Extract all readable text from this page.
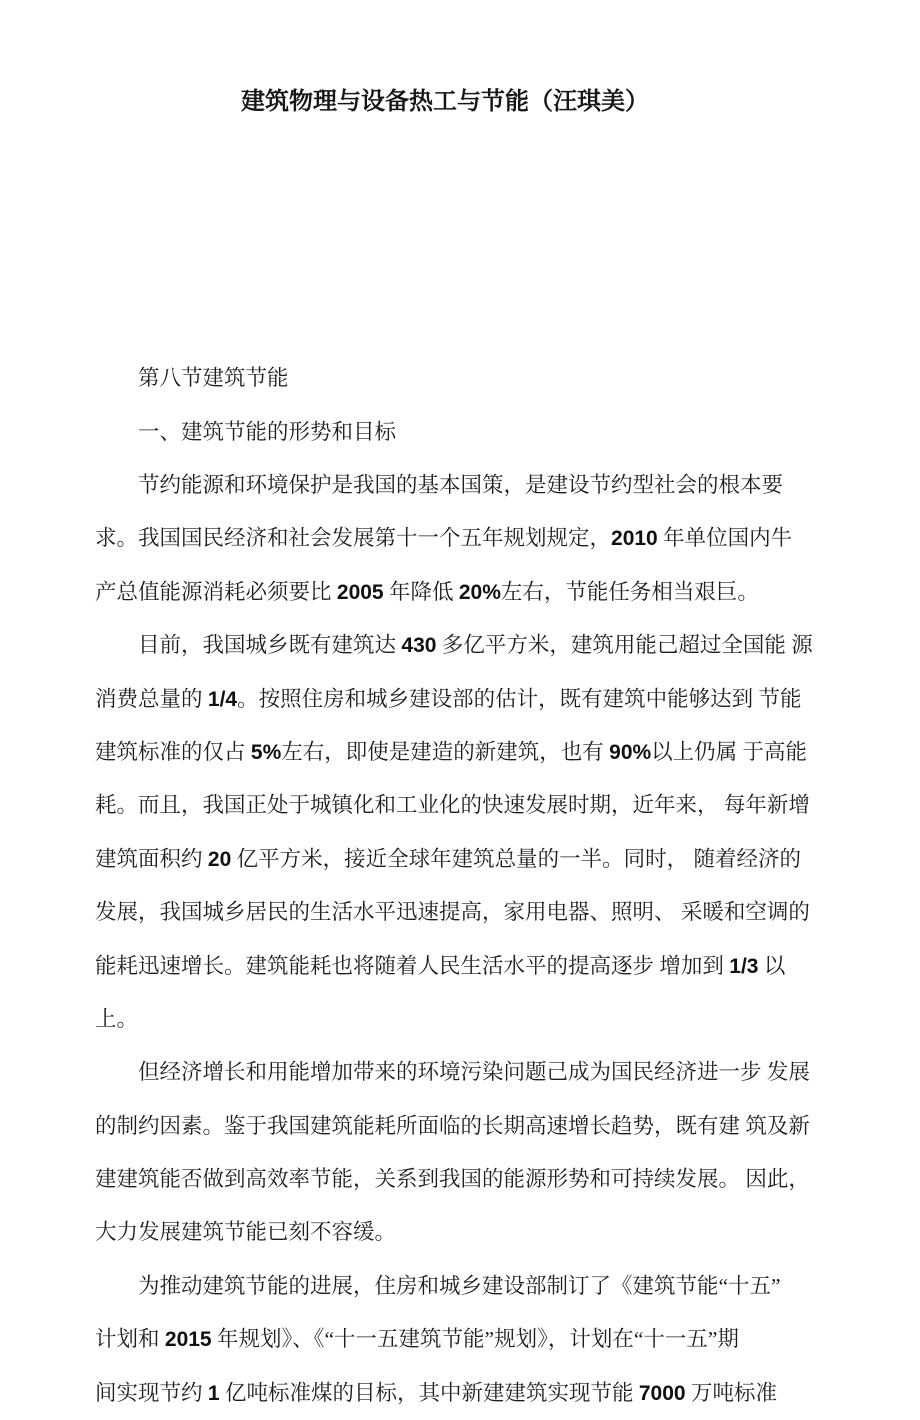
建筑物理与设备热工与节能（汪琪美）

第八节建筑节能
一、建筑节能的形势和目标
节约能源和环境保护是我国的基本国策，是建设节约型社会的根本要
求。我国国民经济和社会发展第十一个五年规划规定，2010 年单位国内牛
产总值能源消耗必须要比 2005 年降低 20%左右，节能任务相当艰巨。
目前，我国城乡既有建筑达 430 多亿平方米，建筑用能己超过全国能 源
消费总量的 1/4。按照住房和城乡建设部的估计，既有建筑中能够达到 节能
建筑标准的仅占 5%左右，即使是建造的新建筑，也有 90%以上仍属 于高能
耗。而且，我国正处于城镇化和工业化的快速发展时期，近年来， 每年新增
建筑面积约 20 亿平方米，接近全球年建筑总量的一半。同时， 随着经济的
发展，我国城乡居民的生活水平迅速提高，家用电器、照明、 采暖和空调的
能耗迅速增长。建筑能耗也将随着人民生活水平的提高逐步 增加到 1/3 以
上。
但经济增长和用能增加带来的环境污染问题己成为国民经济进一步 发展
的制约因素。鉴于我国建筑能耗所面临的长期高速增长趋势，既有建 筑及新
建建筑能否做到高效率节能，关系到我国的能源形势和可持续发展。 因此，
大力发展建筑节能已刻不容缓。
为推动建筑节能的进展，住房和城乡建设部制订了《建筑节能“十五”
计划和 2015 年规划》、《“十一五建筑节能”规划》，计划在“十一五”期
间实现节约 1 亿吨标准煤的目标，其中新建建筑实现节能 7000 万吨标准
